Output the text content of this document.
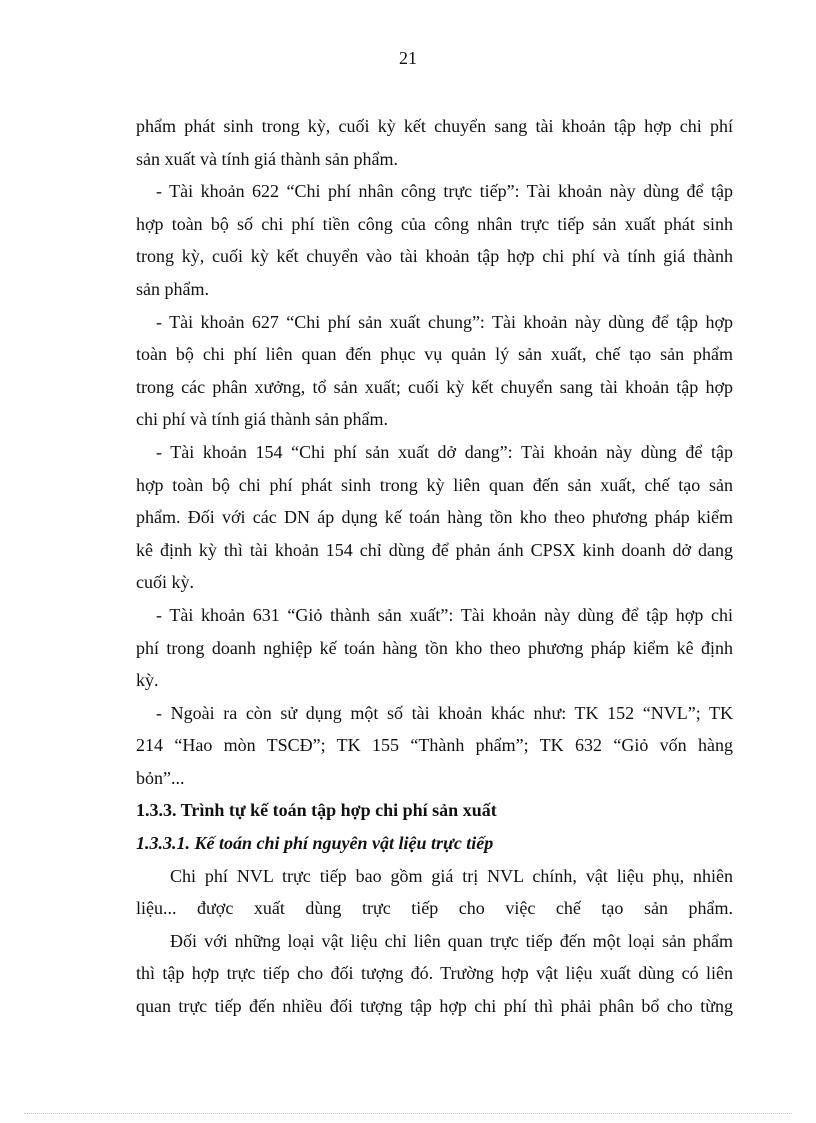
21
phẩm phát sinh trong kỳ, cuối kỳ kết chuyển sang tài khoản tập hợp chi phí
sản xuất và tính giá thành sản phẩm.
- Tài khoản 622 “Chi phí nhân công trực tiếp”: Tài khoản này dùng để tập
hợp toàn bộ số chi phí tiền công của công nhân trực tiếp sản xuất phát sinh
trong kỳ, cuối kỳ kết chuyển vào tài khoản tập hợp chi phí và tính giá thành
sản phẩm.
- Tài khoản 627 “Chi phí sản xuất chung”: Tài khoản này dùng để tập hợp
toàn bộ chi phí liên quan đến phục vụ quản lý sản xuất, chế tạo sản phẩm
trong các phân xưởng, tổ sản xuất; cuối kỳ kết chuyển sang tài khoản tập hợp
chi phí và tính giá thành sản phẩm.
- Tài khoản 154 “Chi phí sản xuất dở dang”: Tài khoản này dùng để tập
hợp toàn bộ chi phí phát sinh trong kỳ liên quan đến sản xuất, chế tạo sản
phẩm. Đối với các DN áp dụng kế toán hàng tồn kho theo phương pháp kiểm
kê định kỳ thì tài khoản 154 chỉ dùng để phản ánh CPSX kinh doanh dở dang
cuối kỳ.
- Tài khoản 631 “Giỏ thành sản xuất”: Tài khoản này dùng để tập hợp chi
phí trong doanh nghiệp kế toán hàng tồn kho theo phương pháp kiểm kê định
kỳ.
- Ngoài ra còn sử dụng một số tài khoản khác như: TK 152 “NVL”; TK
214 “Hao mòn TSCĐ”; TK 155 “Thành phẩm”; TK 632 “Giỏ vốn hàng
bỏn”...
1.3.3. Trình tự kế toán tập hợp chi phí sản xuất
1.3.3.1. Kế toán chi phí nguyên vật liệu trực tiếp
Chi phí NVL trực tiếp bao gồm giá trị NVL chính, vật liệu phụ, nhiên
liệu... được xuất dùng trực tiếp cho việc chế tạo sản phẩm.
Đối với những loại vật liệu chỉ liên quan trực tiếp đến một loại sản phẩm
thì tập hợp trực tiếp cho đối tượng đó. Trường hợp vật liệu xuất dùng có liên
quan trực tiếp đến nhiều đối tượng tập hợp chi phí thì phải phân bổ cho từng
